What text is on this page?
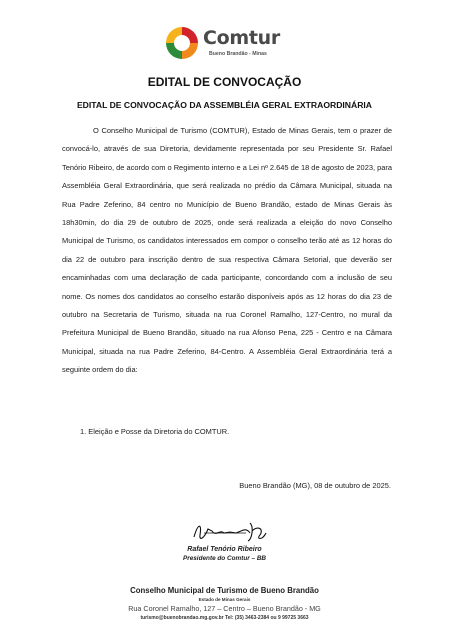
Comtur
Bueno Brandão - Minas
EDITAL DE CONVOCAÇÃO
EDITAL DE CONVOCAÇÃO DA ASSEMBLÉIA GERAL EXTRAORDINÁRIA

O Conselho Municipal de Turismo (COMTUR), Estado de Minas Gerais, tem o prazer de convocá-lo, através de sua Diretoria, devidamente representada por seu Presidente Sr. Rafael Tenório Ribeiro, de acordo com o Regimento interno e a Lei nº 2.645 de 18 de agosto de 2023, para Assembléia Geral Extraordinária, que será realizada no prédio da Câmara Municipal, situada na Rua Padre Zeferino, 84 centro no Município de Bueno Brandão, estado de Minas Gerais às 18h30min, do dia 29 de outubro de 2025, onde será realizada a eleição do novo Conselho Municipal de Turismo, os candidatos interessados em compor o conselho terão até as 12 horas do dia 22 de outubro para inscrição dentro de sua respectiva Câmara Setorial, que deverão ser encaminhadas com uma declaração de cada participante, concordando com a inclusão de seu nome. Os nomes dos candidatos ao conselho estarão disponíveis após as 12 horas do dia 23 de outubro na Secretaria de Turismo, situada na rua Coronel Ramalho, 127-Centro, no mural da Prefeitura Municipal de Bueno Brandão, situado na rua Afonso Pena, 225 - Centro e na Câmara Municipal, situada na rua Padre Zeferino, 84-Centro. A Assembléia Geral Extraordinária terá a seguinte ordem do dia:

1. Eleição e Posse da Diretoria do COMTUR.
Bueno Brandão (MG), 08 de outubro de 2025.
Rafael Tenório Ribeiro
Presidente do Comtur – BB
Conselho Municipal de Turismo de Bueno Brandão
Estado de Minas Gerais
Rua Coronel Ramalho, 127 – Centro – Bueno Brandão - MG
turismo@buenobrandao.mg.gov.br Tel: (35) 3463-2384 ou 9 99725 3663
